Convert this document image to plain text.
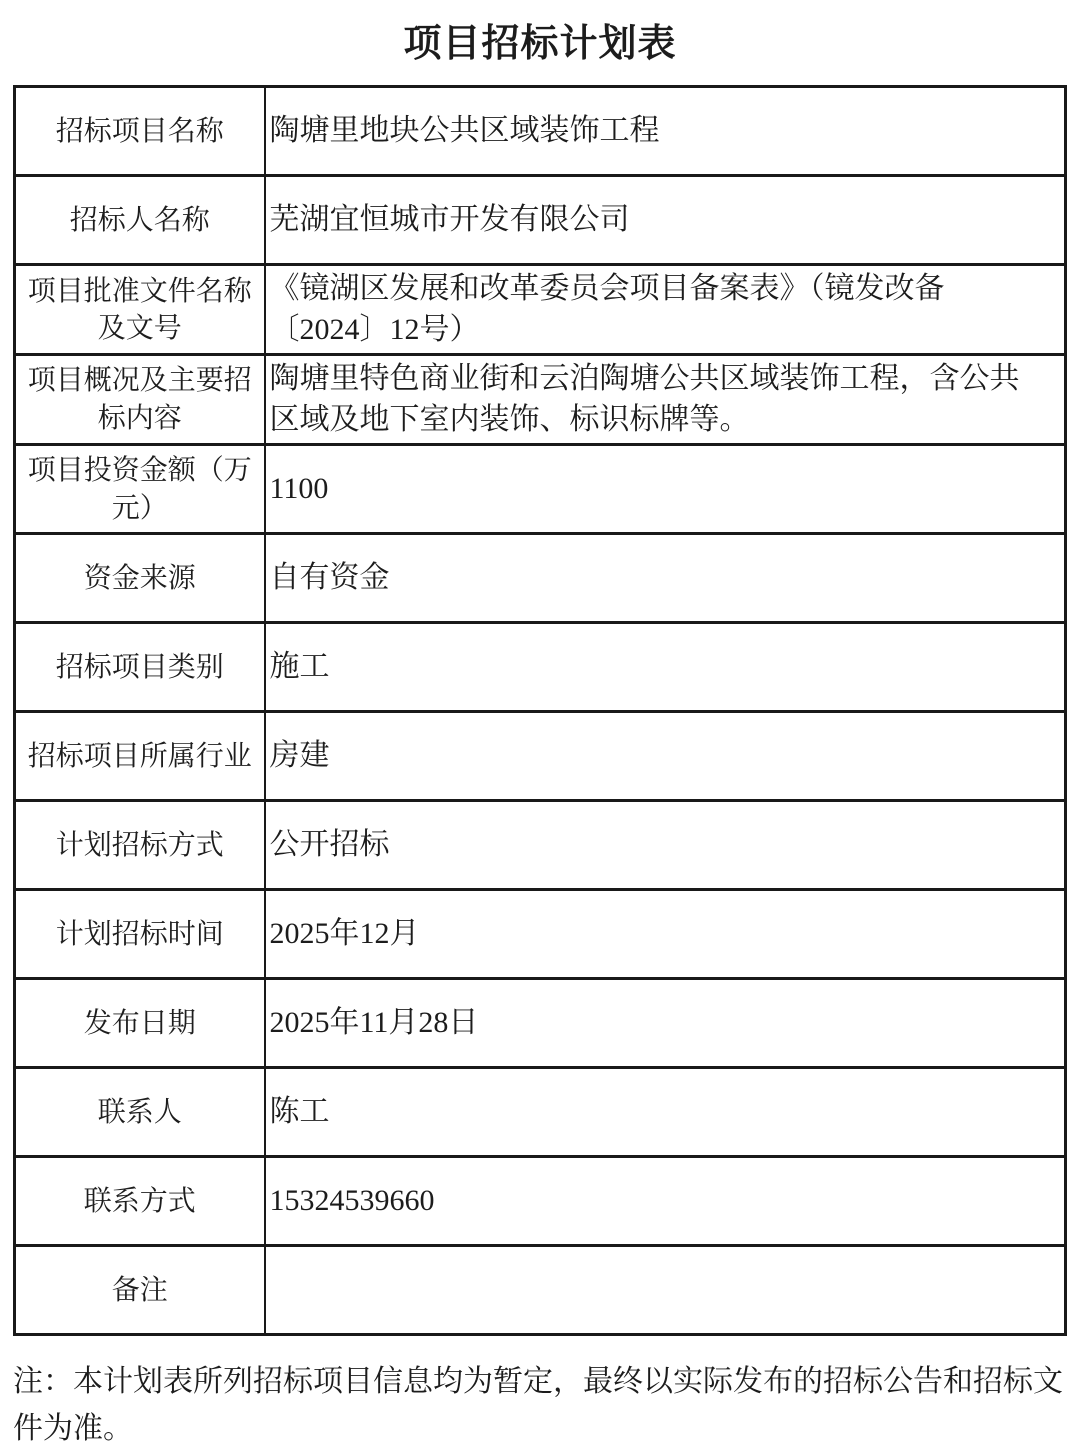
项目招标计划表
招标项目名称	陶塘里地块公共区域装饰工程
招标人名称	芜湖宜恒城市开发有限公司
项目批准文件名称及文号	《镜湖区发展和改革委员会项目备案表》（镜发改备〔2024〕12号）
项目概况及主要招标内容	陶塘里特色商业街和云泊陶塘公共区域装饰工程，含公共区域及地下室内装饰、标识标牌等。
项目投资金额（万元）	1100
资金来源	自有资金
招标项目类别	施工
招标项目所属行业	房建
计划招标方式	公开招标
计划招标时间	2025年12月
发布日期	2025年11月28日
联系人	陈工
联系方式	15324539660
备注	
注：本计划表所列招标项目信息均为暂定，最终以实际发布的招标公告和招标文件为准。
